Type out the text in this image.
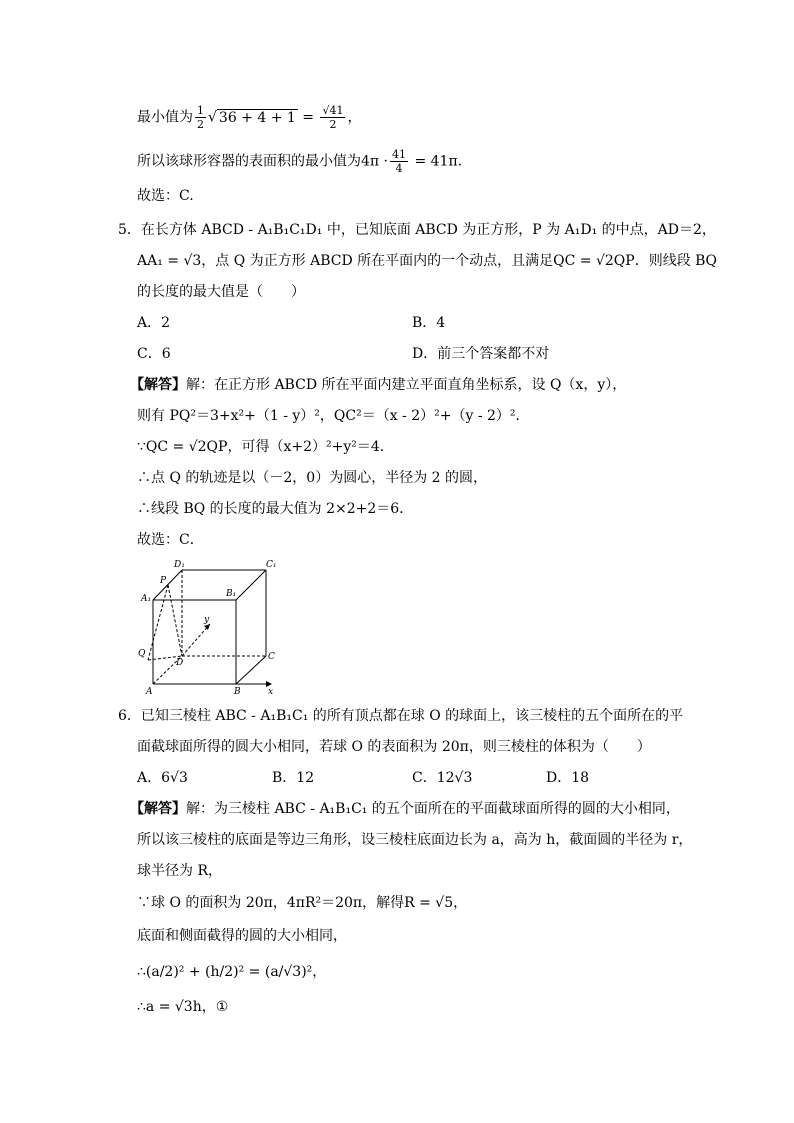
最小值为 $\frac{1}{2}$ √ $36 + 4 + 1 = \frac{√41}{2}$ ，
所以该球形容器的表面积的最小值为$4\pi \cdot \frac{41}{4} = 41\pi$.
故选：C.
5．在长方体 ABCD - A₁B₁C₁D₁ 中，已知底面 ABCD 为正方形，P 为 A₁D₁ 的中点，AD＝2，
AA₁ = √3，点 Q 为正方形 ABCD 所在平面内的一个动点，且满足QC = √2QP．则线段 BQ
的长度的最大值是（　　）
A．2	B．4
C．6	D．前三个答案都不对
【解答】解：在正方形 ABCD 所在平面内建立平面直角坐标系，设 Q（x，y），
则有 PQ²＝3+x²+（1 - y）²，QC²＝（x - 2）²+（y - 2）²．
∵QC = √2QP，可得（x+2）²+y²＝4．
∴点 Q 的轨迹是以（－2，0）为圆心，半径为 2 的圆，
∴线段 BQ 的长度的最大值为 2×2+2＝6．
故选：C．
D₁	C₁
P
A₁	B₁
y
Q
D
C
A	B	x
6．已知三棱柱 ABC - A₁B₁C₁ 的所有顶点都在球 O 的球面上，该三棱柱的五个面所在的平
面截球面所得的圆大小相同，若球 O 的表面积为 20π，则三棱柱的体积为（　　）
A．6√3	B．12	C．12√3	D．18
【解答】解：为三棱柱 ABC - A₁B₁C₁ 的五个面所在的平面截球面所得的圆的大小相同，
所以该三棱柱的底面是等边三角形，设三棱柱底面边长为 a，高为 h，截面圆的半径为 r，
球半径为 R，
∵球 O 的面积为 20π，4πR²＝20π，解得R = √5，
底面和侧面截得的圆的大小相同，
∴(a/2)² + (h/2)² = (a/√3)²，
∴a = √3h，①
